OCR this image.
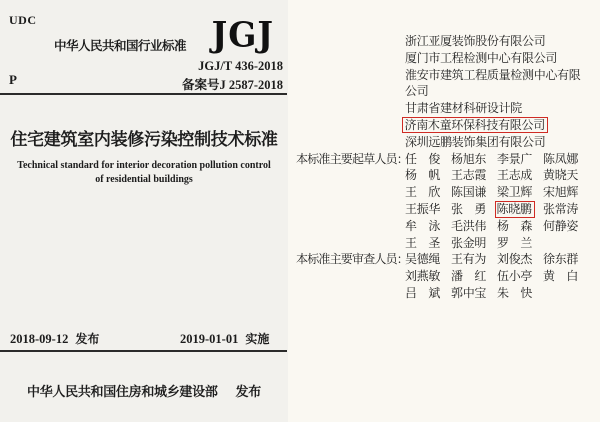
UDC
中华人民共和国行业标准 JGJ
JGJ/T 436-2018
备案号J 2587-2018
P
住宅建筑室内装修污染控制技术标准
Technical standard for interior decoration pollution control
of residential buildings
2018-09-12 发布	2019-01-01 实施
中华人民共和国住房和城乡建设部 发布
浙江亚厦装饰股份有限公司
厦门市工程检测中心有限公司
淮安市建筑工程质量检测中心有限
公司
甘肃省建材科研设计院
济南木童环保科技有限公司
深圳远鹏装饰集团有限公司
本标准主要起草人员：
任　俊 杨旭东 李景广 陈凤娜
杨　帆 王志霞 王志成 黄晓天
王　欣 陈国谦 梁卫辉 宋旭辉
王振华 张　勇 陈晓鹏 张常涛
牟　泳 毛洪伟 杨　森 何静姿
王　圣 张金明 罗　兰
本标准主要审查人员：
吴德绳 王有为 刘俊杰 徐东群
刘燕敏 潘　红 伍小亭 黄　白
吕　斌 郭中宝 朱　快
